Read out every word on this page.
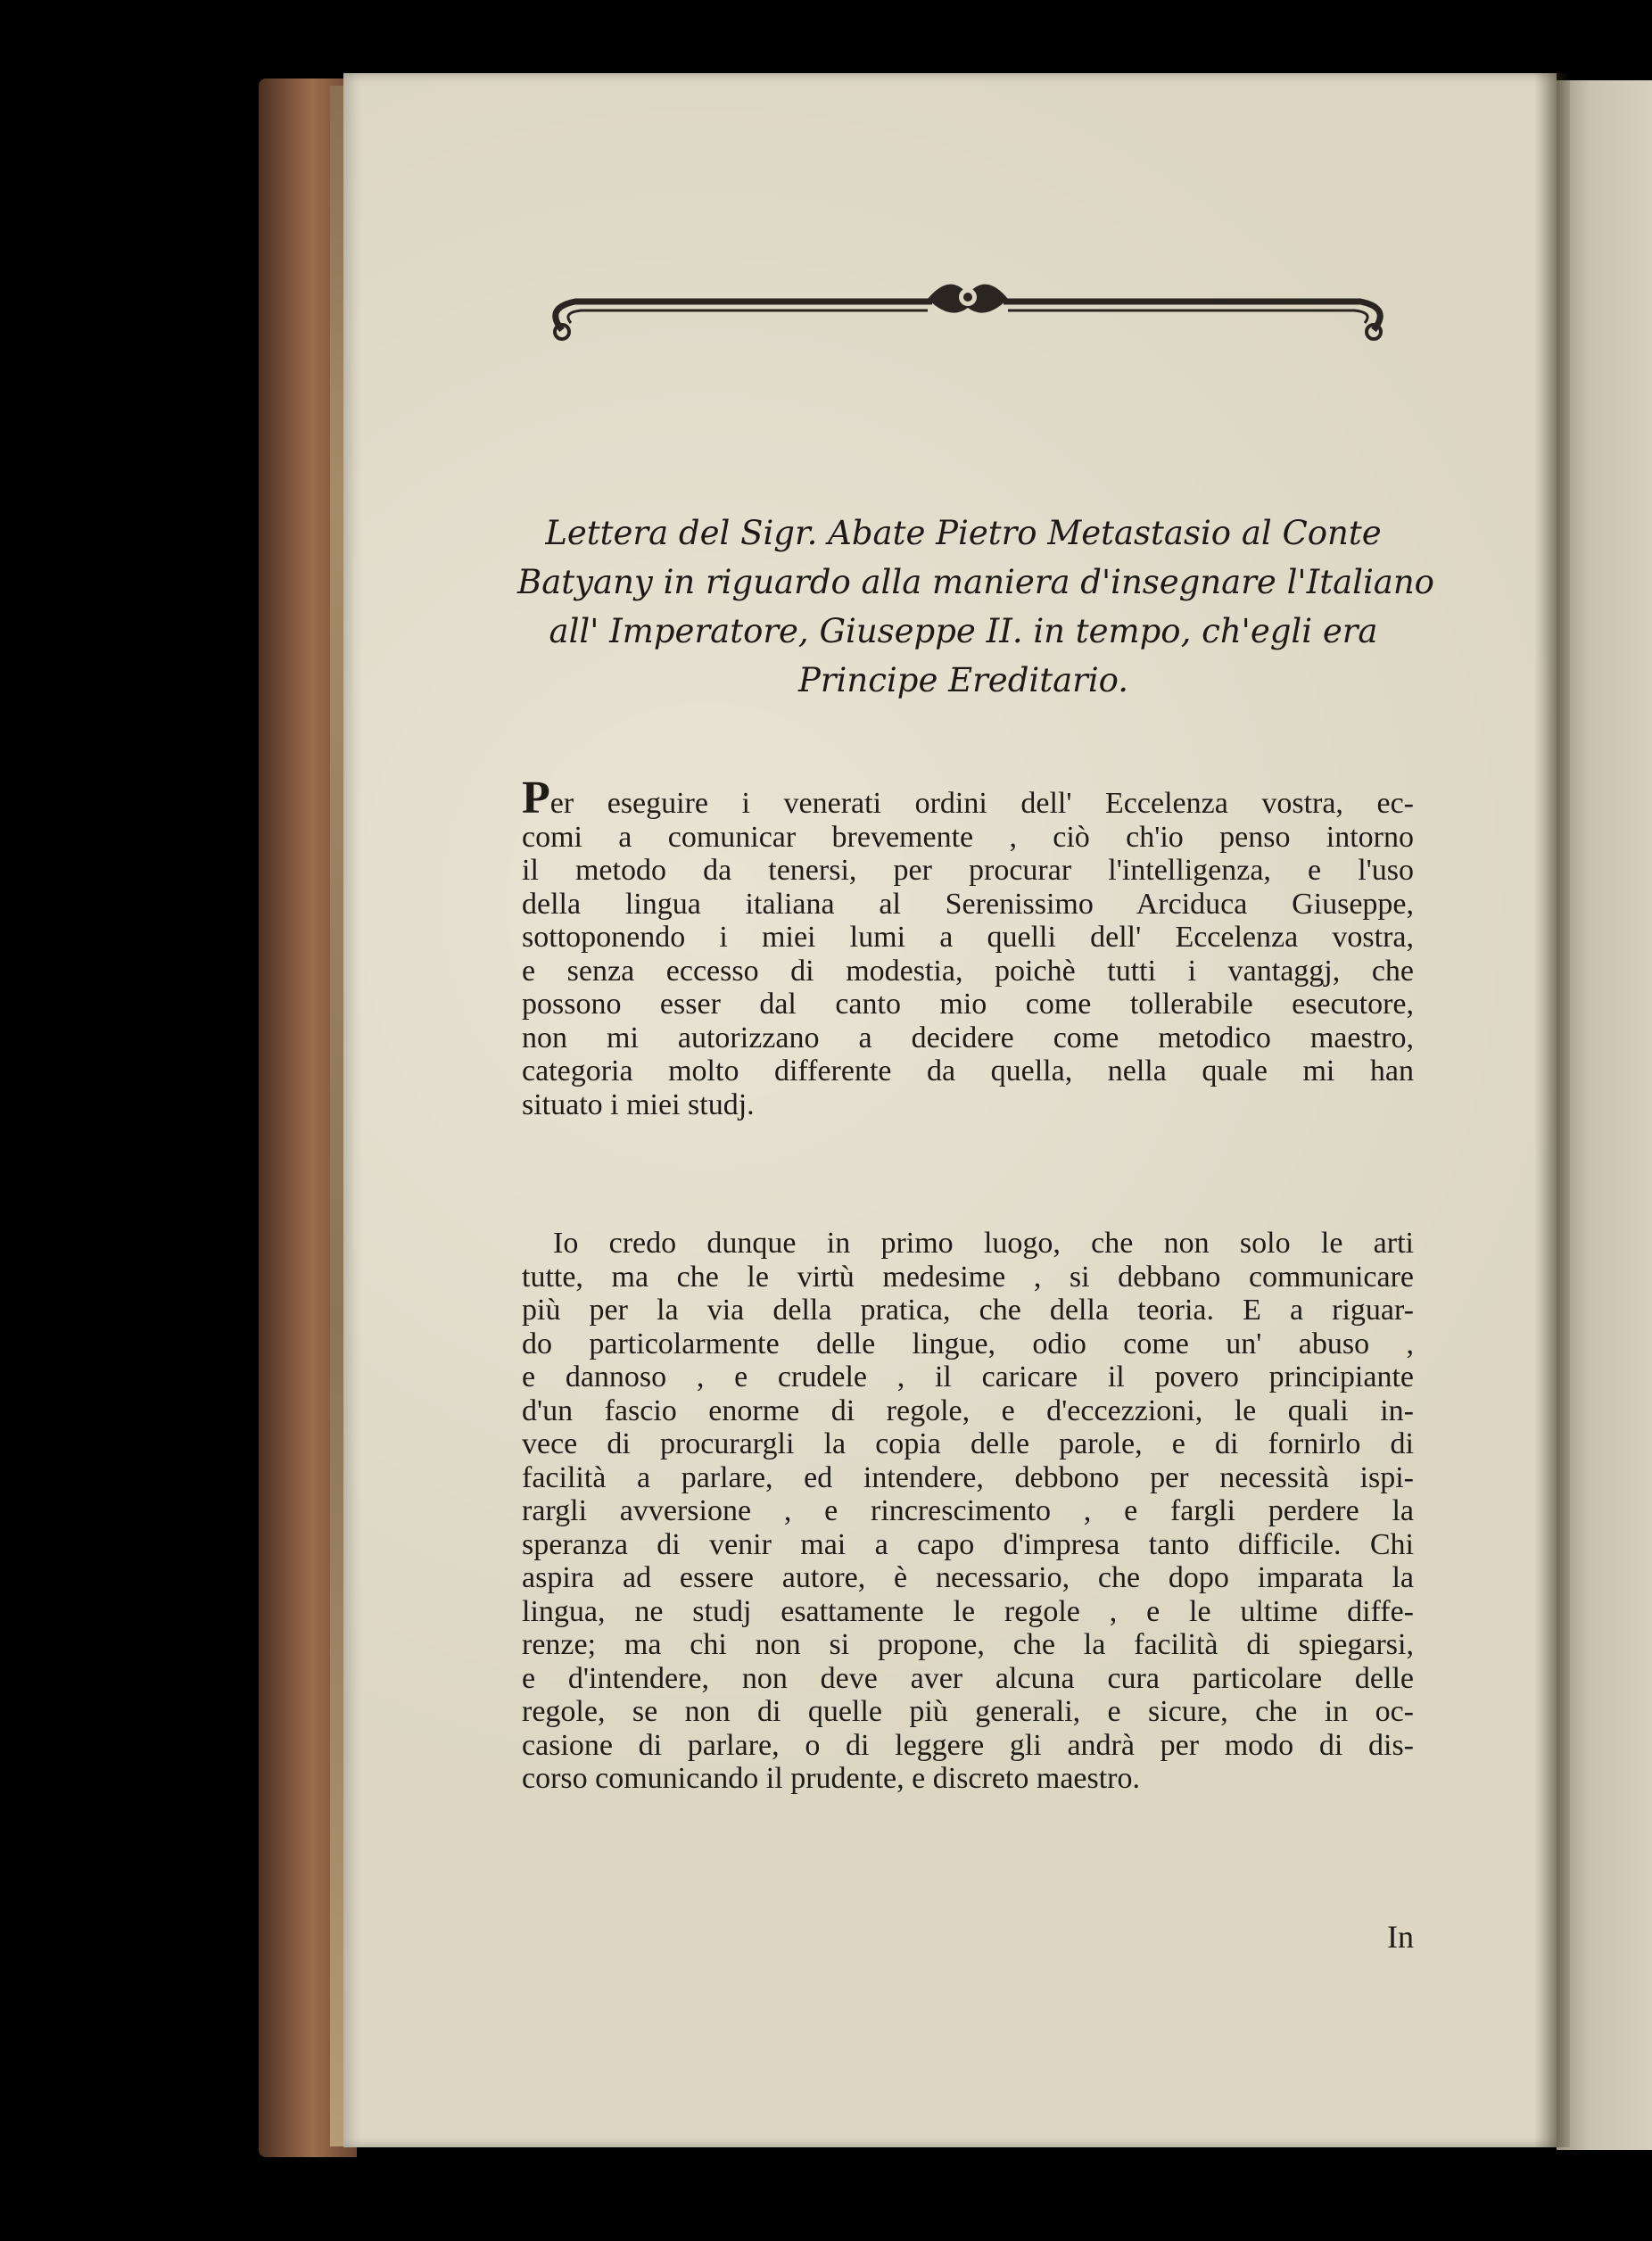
Lettera del Sigr. Abate Pietro Metastasio al Conte
Batyany in riguardo alla maniera d'insegnare l'Italiano
all' Imperatore, Giuseppe II. in tempo, ch'egli era
Principe Ereditario.
Per eseguire i venerati ordini dell' Eccelenza vostra, ec-
comi a comunicar brevemente , ciò ch'io penso intorno
il metodo da tenersi, per procurar l'intelligenza, e l'uso
della lingua italiana al Serenissimo Arciduca Giuseppe,
sottoponendo i miei lumi a quelli dell' Eccelenza vostra,
e senza eccesso di modestia, poichè tutti i vantaggj, che
possono esser dal canto mio come tollerabile esecutore,
non mi autorizzano a decidere come metodico maestro,
categoria molto differente da quella, nella quale mi han
situato i miei studj.
Io credo dunque in primo luogo, che non solo le arti
tutte, ma che le virtù medesime , si debbano communicare
più per la via della pratica, che della teoria. E a riguar-
do particolarmente delle lingue, odio come un' abuso ,
e dannoso , e crudele , il caricare il povero principiante
d'un fascio enorme di regole, e d'eccezzioni, le quali in-
vece di procurargli la copia delle parole, e di fornirlo di
facilità a parlare, ed intendere, debbono per necessità ispi-
rargli avversione , e rincrescimento , e fargli perdere la
speranza di venir mai a capo d'impresa tanto difficile. Chi
aspira ad essere autore, è necessario, che dopo imparata la
lingua, ne studj esattamente le regole , e le ultime diffe-
renze; ma chi non si propone, che la facilità di spiegarsi,
e d'intendere, non deve aver alcuna cura particolare delle
regole, se non di quelle più generali, e sicure, che in oc-
casione di parlare, o di leggere gli andrà per modo di dis-
corso comunicando il prudente, e discreto maestro.
In
